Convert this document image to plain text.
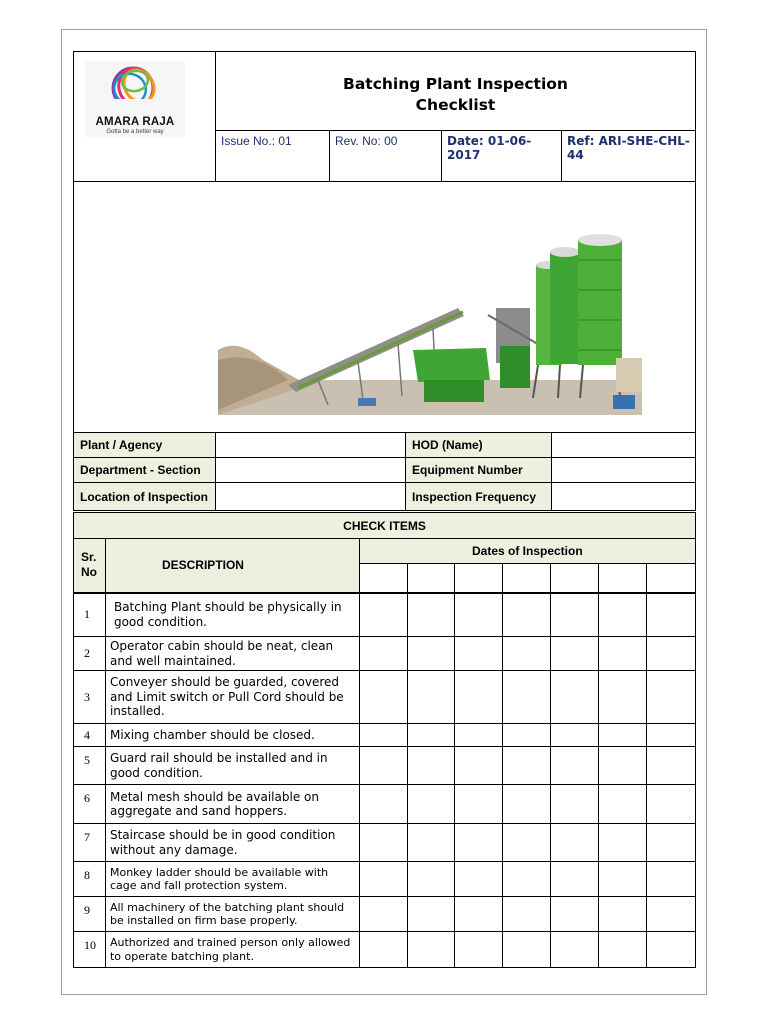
AMARA RAJA
Gotta be a better way
Batching Plant Inspection
Checklist
Issue No.: 01	Rev. No: 00	Date: 01-06-2017
Ref: ARI-SHE-CHL-44
Plant / Agency		HOD (Name)	
Department - Section		Equipment Number	
Location of Inspection		Inspection Frequency	
CHECK ITEMS								
Sr. No	DESCRIPTION	Dates of Inspection						

1	Batching Plant should be physically in good condition.							
2	Operator cabin should be neat, clean and well maintained.							
3	Conveyer should be guarded, covered and Limit switch or Pull Cord should be installed.							
4	Mixing chamber should be closed.							
5	Guard rail should be installed and in good condition.							
6	Metal mesh should be available on aggregate and sand hoppers.							
7	Staircase should be in good condition without any damage.							
8	Monkey ladder should be available with cage and fall protection system.							
9	All machinery of the batching plant should be installed on firm base properly.							
10	Authorized and trained person only allowed to operate batching plant.							
